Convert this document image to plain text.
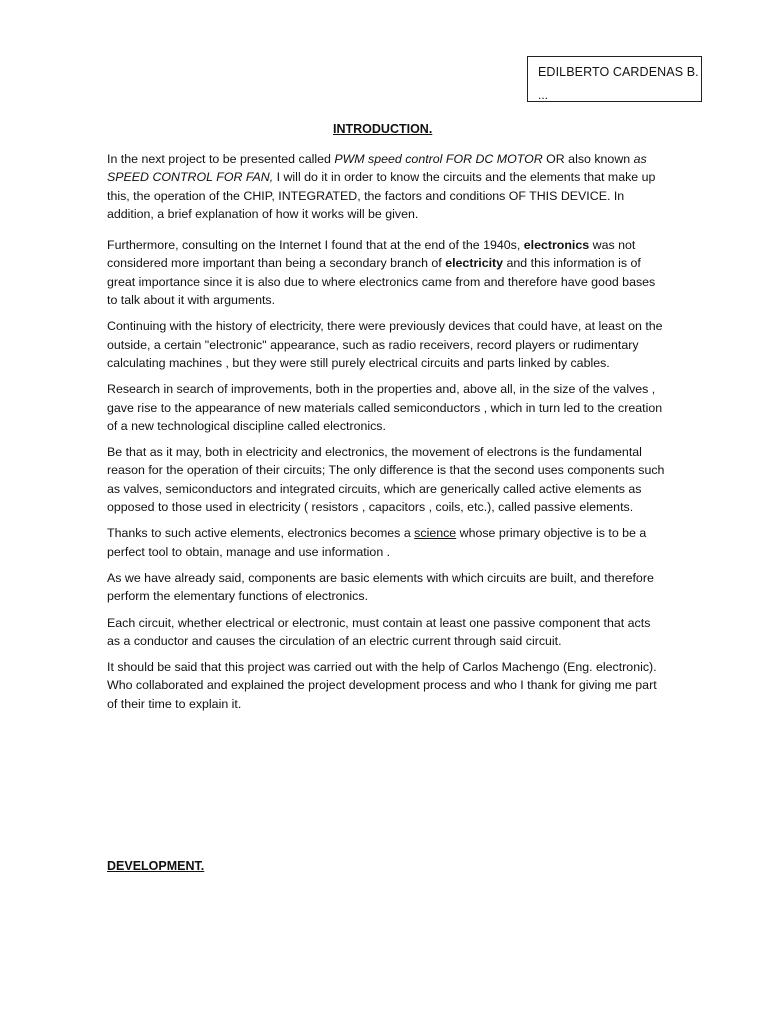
EDILBERTO CARDENAS B.
...
INTRODUCTION.

In the next project to be presented called PWM speed control FOR DC MOTOR OR also known as SPEED CONTROL FOR FAN, I will do it in order to know the circuits and the elements that make up this, the operation of the CHIP, INTEGRATED, the factors and conditions OF THIS DEVICE. In addition, a brief explanation of how it works will be given.

Furthermore, consulting on the Internet I found that at the end of the 1940s, electronics was not considered more important than being a secondary branch of electricity and this information is of great importance since it is also due to where electronics came from and therefore have good bases to talk about it with arguments.

Continuing with the history of electricity, there were previously devices that could have, at least on the outside, a certain "electronic" appearance, such as radio receivers, record players or rudimentary calculating machines , but they were still purely electrical circuits and parts linked by cables.

Research in search of improvements, both in the properties and, above all, in the size of the valves , gave rise to the appearance of new materials called semiconductors , which in turn led to the creation of a new technological discipline called electronics.

Be that as it may, both in electricity and electronics, the movement of electrons is the fundamental reason for the operation of their circuits; The only difference is that the second uses components such as valves, semiconductors and integrated circuits, which are generically called active elements as opposed to those used in electricity ( resistors , capacitors , coils, etc.), called passive elements.

Thanks to such active elements, electronics becomes a science whose primary objective is to be a perfect tool to obtain, manage and use information .

As we have already said, components are basic elements with which circuits are built, and therefore perform the elementary functions of electronics.

Each circuit, whether electrical or electronic, must contain at least one passive component that acts as a conductor and causes the circulation of an electric current through said circuit.

It should be said that this project was carried out with the help of Carlos Machengo (Eng. electronic). Who collaborated and explained the project development process and who I thank for giving me part of their time to explain it.

DEVELOPMENT.
